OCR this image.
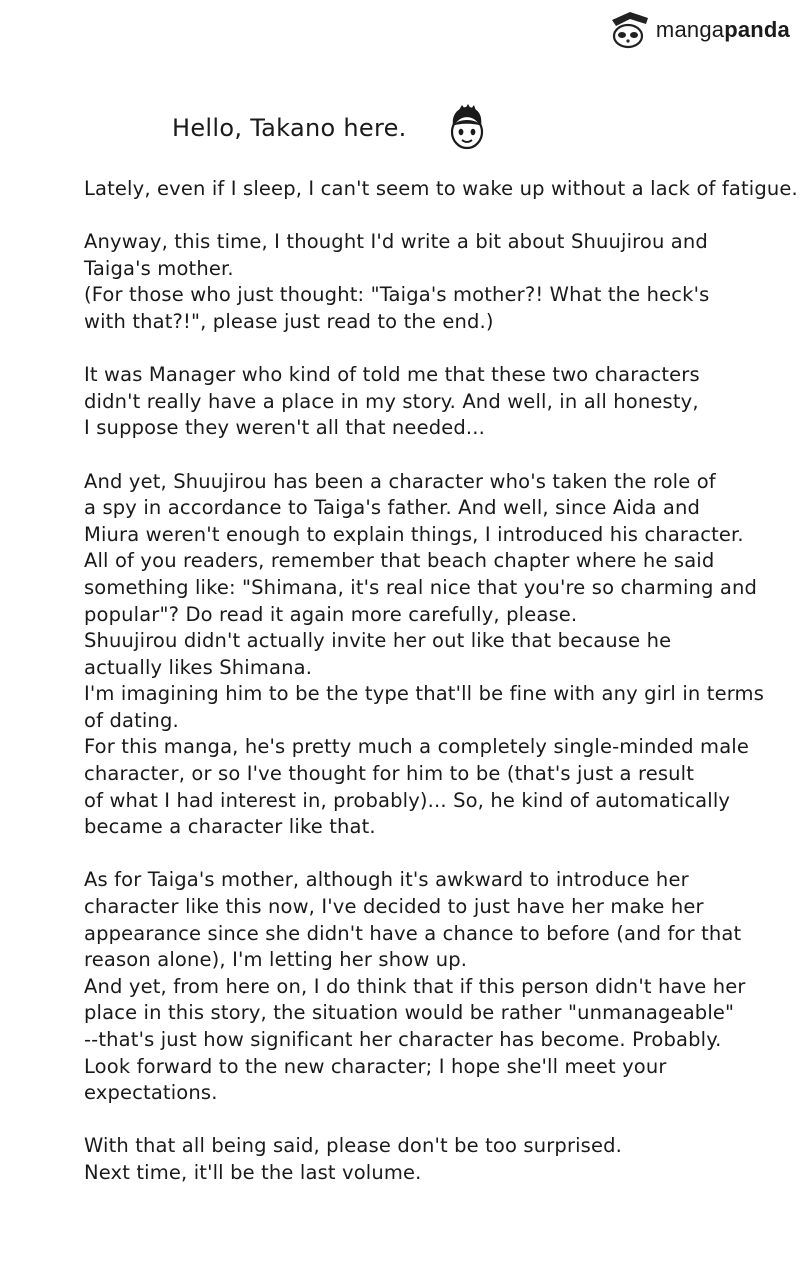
manga panda
Hello, Takano here.

Lately, even if I sleep, I can't seem to wake up without a lack of fatigue.

Anyway, this time, I thought I'd write a bit about Shuujirou and
Taiga's mother.
(For those who just thought: "Taiga's mother?! What the heck's
with that?!", please just read to the end.)

It was Manager who kind of told me that these two characters
didn't really have a place in my story. And well, in all honesty,
I suppose they weren't all that needed...

And yet, Shuujirou has been a character who's taken the role of
a spy in accordance to Taiga's father. And well, since Aida and
Miura weren't enough to explain things, I introduced his character.
All of you readers, remember that beach chapter where he said
something like: "Shimana, it's real nice that you're so charming and
popular"? Do read it again more carefully, please.
Shuujirou didn't actually invite her out like that because he
actually likes Shimana.
I'm imagining him to be the type that'll be fine with any girl in terms
of dating.
For this manga, he's pretty much a completely single-minded male
character, or so I've thought for him to be (that's just a result
of what I had interest in, probably)... So, he kind of automatically
became a character like that.

As for Taiga's mother, although it's awkward to introduce her
character like this now, I've decided to just have her make her
appearance since she didn't have a chance to before (and for that
reason alone), I'm letting her show up.
And yet, from here on, I do think that if this person didn't have her
place in this story, the situation would be rather "unmanageable"
--that's just how significant her character has become. Probably.
Look forward to the new character; I hope she'll meet your
expectations.

With that all being said, please don't be too surprised.
Next time, it'll be the last volume.
